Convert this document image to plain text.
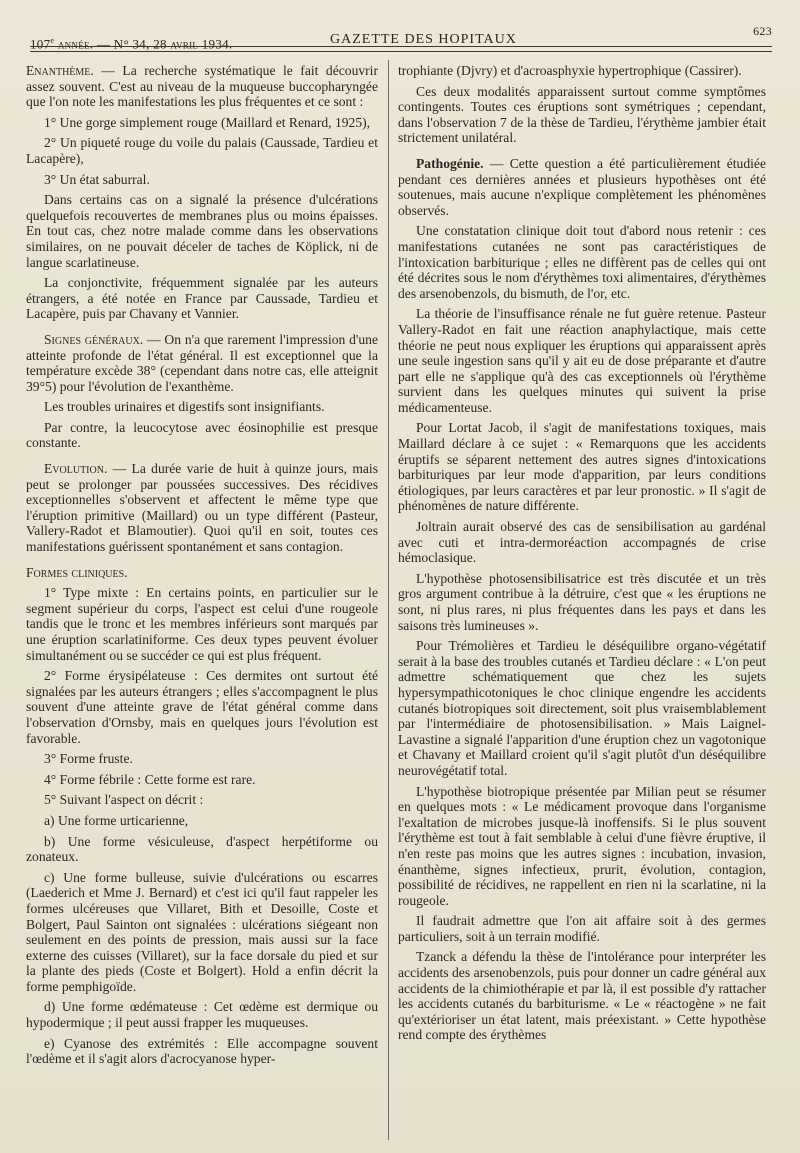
107e année. — N° 34, 28 avril 1934.	GAZETTE DES HOPITAUX
623

Enanthème. — La recherche systématique le fait découvrir assez souvent. C'est au niveau de la muqueuse buccopharyngée que l'on note les manifestations les plus fréquentes et ce sont :

1° Une gorge simplement rouge (Maillard et Renard, 1925),

2° Un piqueté rouge du voile du palais (Caussade, Tardieu et Lacapère),

3° Un état saburral.

Dans certains cas on a signalé la présence d'ulcérations quelquefois recouvertes de membranes plus ou moins épaisses. En tout cas, chez notre malade comme dans les observations similaires, on ne pouvait déceler de taches de Köplick, ni de langue scarlatineuse.

La conjonctivite, fréquemment signalée par les auteurs étrangers, a été notée en France par Caussade, Tardieu et Lacapère, puis par Chavany et Vannier.

Signes généraux. — On n'a que rarement l'impression d'une atteinte profonde de l'état général. Il est exceptionnel que la température excède 38° (cependant dans notre cas, elle atteignit 39°5) pour l'évolution de l'exanthème.

Les troubles urinaires et digestifs sont insignifiants.

Par contre, la leucocytose avec éosinophilie est presque constante.

Evolution. — La durée varie de huit à quinze jours, mais peut se prolonger par poussées successives. Des récidives exceptionnelles s'observent et affectent le même type que l'éruption primitive (Maillard) ou un type différent (Pasteur, Vallery-Radot et Blamoutier). Quoi qu'il en soit, toutes ces manifestations guérissent spontanément et sans contagion.

Formes cliniques.

1° Type mixte : En certains points, en particulier sur le segment supérieur du corps, l'aspect est celui d'une rougeole tandis que le tronc et les membres inférieurs sont marqués par une éruption scarlatiniforme. Ces deux types peuvent évoluer simultanément ou se succéder ce qui est plus fréquent.

2° Forme érysipélateuse : Ces dermites ont surtout été signalées par les auteurs étrangers ; elles s'accompagnent le plus souvent d'une atteinte grave de l'état général comme dans l'observation d'Ornsby, mais en quelques jours l'évolution est favorable.

3° Forme fruste.

4° Forme fébrile : Cette forme est rare.

5° Suivant l'aspect on décrit :

a) Une forme urticarienne,

b) Une forme vésiculeuse, d'aspect herpétiforme ou zonateux.

c) Une forme bulleuse, suivie d'ulcérations ou escarres (Laederich et Mme J. Bernard) et c'est ici qu'il faut rappeler les formes ulcéreuses que Villaret, Bith et Desoille, Coste et Bolgert, Paul Sainton ont signalées : ulcérations siégeant non seulement en des points de pression, mais aussi sur la face externe des cuisses (Villaret), sur la face dorsale du pied et sur la plante des pieds (Coste et Bolgert). Hold a enfin décrit la forme pemphigoïde.

d) Une forme œdémateuse : Cet œdème est dermique ou hypodermique ; il peut aussi frapper les muqueuses.

e) Cyanose des extrémités : Elle accompagne souvent l'œdème et il s'agit alors d'acrocyanose hyper-

trophiante (Djvry) et d'acroasphyxie hypertrophique (Cassirer).

Ces deux modalités apparaissent surtout comme symptômes contingents. Toutes ces éruptions sont symétriques ; cependant, dans l'observation 7 de la thèse de Tardieu, l'érythème jambier était strictement unilatéral.

Pathogénie. — Cette question a été particulièrement étudiée pendant ces dernières années et plusieurs hypothèses ont été soutenues, mais aucune n'explique complètement les phénomènes observés.

Une constatation clinique doit tout d'abord nous retenir : ces manifestations cutanées ne sont pas caractéristiques de l'intoxication barbiturique ; elles ne diffèrent pas de celles qui ont été décrites sous le nom d'érythèmes toxi alimentaires, d'érythèmes des arsenobenzols, du bismuth, de l'or, etc.

La théorie de l'insuffisance rénale ne fut guère retenue. Pasteur Vallery-Radot en fait une réaction anaphylactique, mais cette théorie ne peut nous expliquer les éruptions qui apparaissent après une seule ingestion sans qu'il y ait eu de dose préparante et d'autre part elle ne s'applique qu'à des cas exceptionnels où l'érythème survient dans les quelques minutes qui suivent la prise médicamenteuse.

Pour Lortat Jacob, il s'agit de manifestations toxiques, mais Maillard déclare à ce sujet : « Remarquons que les accidents éruptifs se séparent nettement des autres signes d'intoxications barbituriques par leur mode d'apparition, par leurs conditions étiologiques, par leurs caractères et par leur pronostic. » Il s'agit de phénomènes de nature différente.

Joltrain aurait observé des cas de sensibilisation au gardénal avec cuti et intra-dermoréaction accompagnés de crise hémoclasique.

L'hypothèse photosensibilisatrice est très discutée et un très gros argument contribue à la détruire, c'est que « les éruptions ne sont, ni plus rares, ni plus fréquentes dans les pays et dans les saisons très lumineuses ».

Pour Trémolières et Tardieu le déséquilibre organo-végétatif serait à la base des troubles cutanés et Tardieu déclare : « L'on peut admettre schématiquement que chez les sujets hypersympathicotoniques le choc clinique engendre les accidents cutanés biotropiques soit directement, soit plus vraisemblablement par l'intermédiaire de photosensibilisation. » Mais Laignel-Lavastine a signalé l'apparition d'une éruption chez un vagotonique et Chavany et Maillard croient qu'il s'agit plutôt d'un déséquilibre neurovégétatif total.

L'hypothèse biotropique présentée par Milian peut se résumer en quelques mots : « Le médicament provoque dans l'organisme l'exaltation de microbes jusque-là inoffensifs. Si le plus souvent l'érythème est tout à fait semblable à celui d'une fièvre éruptive, il n'en reste pas moins que les autres signes : incubation, invasion, énanthème, signes infectieux, prurit, évolution, contagion, possibilité de récidives, ne rappellent en rien ni la scarlatine, ni la rougeole.

Il faudrait admettre que l'on ait affaire soit à des germes particuliers, soit à un terrain modifié.

Tzanck a défendu la thèse de l'intolérance pour interpréter les accidents des arsenobenzols, puis pour donner un cadre général aux accidents de la chimiothérapie et par là, il est possible d'y rattacher les accidents cutanés du barbiturisme. « Le « réactogène » ne fait qu'extérioriser un état latent, mais préexistant. » Cette hypothèse rend compte des érythèmes
